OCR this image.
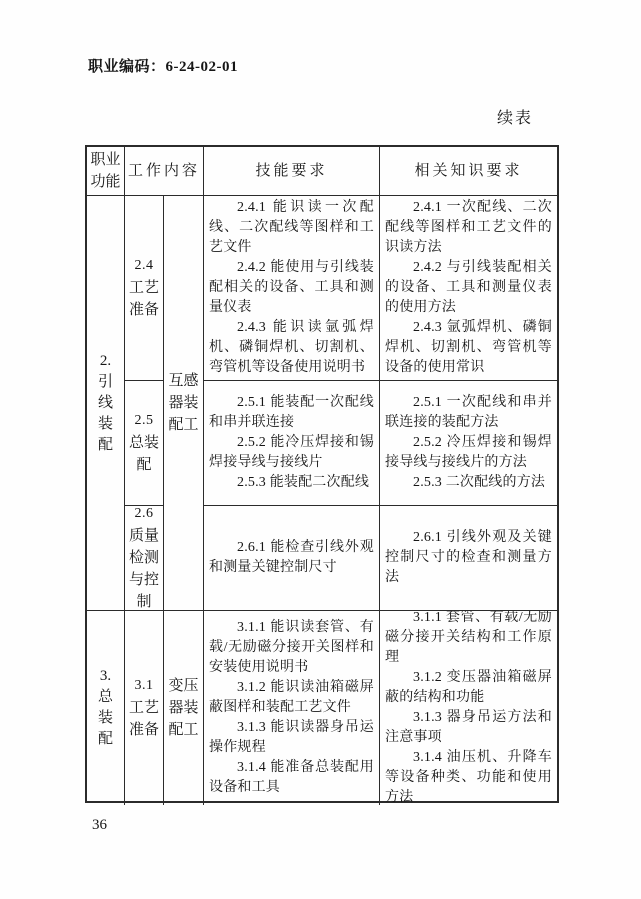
职业编码：6-24-02-01
续表
职业功能
工作内容	技能要求	相关知识要求
2.
引线装配
2.4
工艺准备
互感器装配工

2.4.1 能识读一次配线、二次配线等图样和工艺文件

2.4.2 能使用与引线装配相关的设备、工具和测量仪表

2.4.3 能识读氩弧焊机、磷铜焊机、切割机、弯管机等设备使用说明书

2.4.1 一次配线、二次配线等图样和工艺文件的识读方法

2.4.2 与引线装配相关的设备、工具和测量仪表的使用方法

2.4.3 氩弧焊机、磷铜焊机、切割机、弯管机等设备的使用常识

2.5
总装配

2.5.1 能装配一次配线和串并联连接

2.5.2 能冷压焊接和锡焊接导线与接线片

2.5.3 能装配二次配线

2.5.1 一次配线和串并联连接的装配方法

2.5.2 冷压焊接和锡焊接导线与接线片的方法

2.5.3 二次配线的方法

2.6
质量检测与控制

2.6.1 能检查引线外观和测量关键控制尺寸

2.6.1 引线外观及关键控制尺寸的检查和测量方法

3.
总装配
3.1
工艺准备
变压器装配工

3.1.1 能识读套管、有载/无励磁分接开关图样和安装使用说明书

3.1.2 能识读油箱磁屏蔽图样和装配工艺文件

3.1.3 能识读器身吊运操作规程

3.1.4 能准备总装配用设备和工具

3.1.1 套管、有载/无励磁分接开关结构和工作原理

3.1.2 变压器油箱磁屏蔽的结构和功能

3.1.3 器身吊运方法和注意事项

3.1.4 油压机、升降车等设备种类、功能和使用方法

36
